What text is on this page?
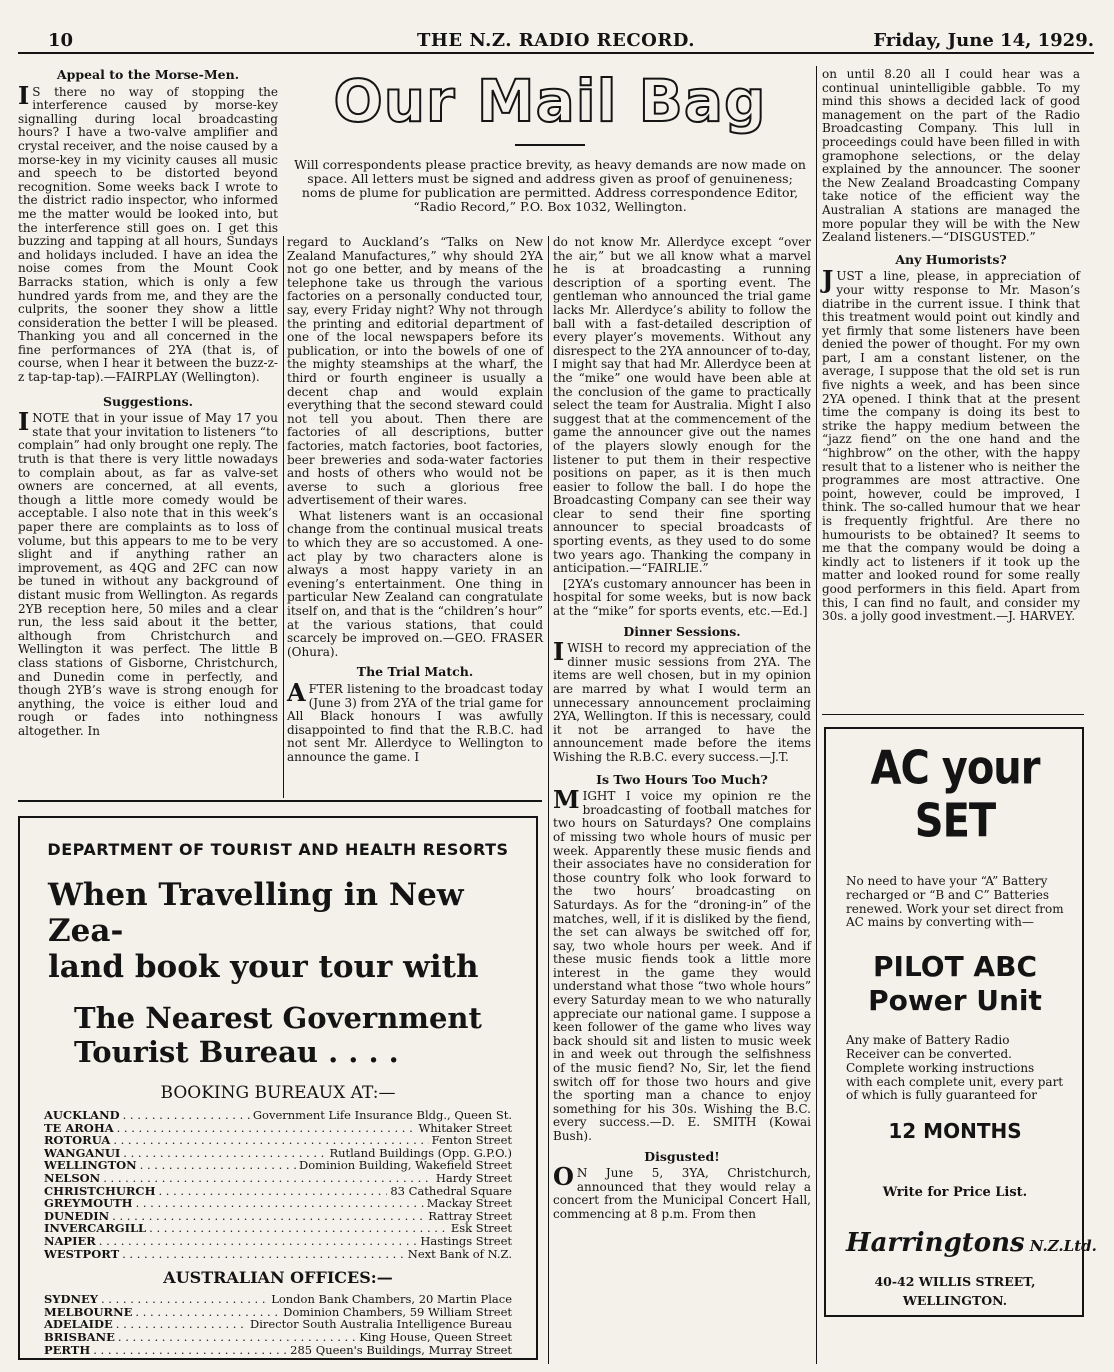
10	THE N.Z. RADIO RECORD.	Friday, June 14, 1929.
Appeal to the Morse-Men.

IS there no way of stopping the interference caused by morse-key signalling during local broadcasting hours? I have a two-valve amplifier and crystal receiver, and the noise caused by a morse-key in my vicinity causes all music and speech to be distorted beyond recognition. Some weeks back I wrote to the district radio inspector, who informed me the matter would be looked into, but the interference still goes on. I get this buzzing and tapping at all hours, Sundays and holidays included. I have an idea the noise comes from the Mount Cook Barracks station, which is only a few hundred yards from me, and they are the culprits, the sooner they show a little consideration the better I will be pleased. Thanking you and all concerned in the fine performances of 2YA (that is, of course, when I hear it between the buzz-z-z tap-tap-tap).—FAIRPLAY (Wellington).

Suggestions.

INOTE that in your issue of May 17 you state that your invitation to listeners “to complain” had only brought one reply. The truth is that there is very little nowadays to complain about, as far as valve-set owners are concerned, at all events, though a little more comedy would be acceptable. I also note that in this week’s paper there are complaints as to loss of volume, but this appears to me to be very slight and if anything rather an improvement, as 4QG and 2FC can now be tuned in without any background of distant music from Wellington. As regards 2YB reception here, 50 miles and a clear run, the less said about it the better, although from Christchurch and Wellington it was perfect. The little B class stations of Gisborne, Christchurch, and Dunedin come in perfectly, and though 2YB’s wave is strong enough for anything, the voice is either loud and rough or fades into nothingness altogether. In

Our Mail Bag
Will correspondents please practice brevity, as heavy demands are now made on space. All letters must be signed and address given as proof of genuineness; noms de plume for publication are permitted. Address correspondence Editor, “Radio Record,” P.O. Box 1032, Wellington.

regard to Auckland’s “Talks on New Zealand Manufactures,” why should 2YA not go one better, and by means of the telephone take us through the various factories on a personally conducted tour, say, every Friday night? Why not through the printing and editorial department of one of the local newspapers before its publication, or into the bowels of one of the mighty steamships at the wharf, the third or fourth engineer is usually a decent chap and would explain everything that the second steward could not tell you about. Then there are factories of all descriptions, butter factories, match factories, boot factories, beer breweries and soda-water factories and hosts of others who would not be averse to such a glorious free advertisement of their wares.

What listeners want is an occasional change from the continual musical treats to which they are so accustomed. A one-act play by two characters alone is always a most happy variety in an evening’s entertainment. One thing in particular New Zealand can congratulate itself on, and that is the “children’s hour” at the various stations, that could scarcely be improved on.—GEO. FRASER (Ohura).

The Trial Match.

AFTER listening to the broadcast today (June 3) from 2YA of the trial game for All Black honours I was awfully disappointed to find that the R.B.C. had not sent Mr. Allerdyce to Wellington to announce the game. I

do not know Mr. Allerdyce except “over the air,” but we all know what a marvel he is at broadcasting a running description of a sporting event. The gentleman who announced the trial game lacks Mr. Allerdyce’s ability to follow the ball with a fast-detailed description of every player’s movements. Without any disrespect to the 2YA announcer of to-day, I might say that had Mr. Allerdyce been at the “mike” one would have been able at the conclusion of the game to practically select the team for Australia. Might I also suggest that at the commencement of the game the announcer give out the names of the players slowly enough for the listener to put them in their respective positions on paper, as it is then much easier to follow the ball. I do hope the Broadcasting Company can see their way clear to send their fine sporting announcer to special broadcasts of sporting events, as they used to do some two years ago. Thanking the company in anticipation.—“FAIRLIE.”

[2YA’s customary announcer has been in hospital for some weeks, but is now back at the “mike” for sports events, etc.—Ed.]

Dinner Sessions.

IWISH to record my appreciation of the dinner music sessions from 2YA. The items are well chosen, but in my opinion are marred by what I would term an unnecessary announcement proclaiming 2YA, Wellington. If this is necessary, could it not be arranged to have the announcement made before the items Wishing the R.B.C. every success.—J.T.

Is Two Hours Too Much?

MIGHT I voice my opinion re the broadcasting of football matches for two hours on Saturdays? One complains of missing two whole hours of music per week. Apparently these music fiends and their associates have no consideration for those country folk who look forward to the two hours’ broadcasting on Saturdays. As for the “droning-in” of the matches, well, if it is disliked by the fiend, the set can always be switched off for, say, two whole hours per week. And if these music fiends took a little more interest in the game they would understand what those “two whole hours” every Saturday mean to we who naturally appreciate our national game. I suppose a keen follower of the game who lives way back should sit and listen to music week in and week out through the selfishness of the music fiend? No, Sir, let the fiend switch off for those two hours and give the sporting man a chance to enjoy something for his 30s. Wishing the B.C. every success.—D. E. SMITH (Kowai Bush).

Disgusted!

ON June 5, 3YA, Christchurch, announced that they would relay a concert from the Municipal Concert Hall, commencing at 8 p.m. From then

on until 8.20 all I could hear was a continual unintelligible gabble. To my mind this shows a decided lack of good management on the part of the Radio Broadcasting Company. This lull in proceedings could have been filled in with gramophone selections, or the delay explained by the announcer. The sooner the New Zealand Broadcasting Company take notice of the efficient way the Australian A stations are managed the more popular they will be with the New Zealand listeners.—“DISGUSTED.”

Any Humorists?

JUST a line, please, in appreciation of your witty response to Mr. Mason’s diatribe in the current issue. I think that this treatment would point out kindly and yet firmly that some listeners have been denied the power of thought. For my own part, I am a constant listener, on the average, I suppose that the old set is run five nights a week, and has been since 2YA opened. I think that at the present time the company is doing its best to strike the happy medium between the “jazz fiend” on the one hand and the “highbrow” on the other, with the happy result that to a listener who is neither the programmes are most attractive. One point, however, could be improved, I think. The so-called humour that we hear is frequently frightful. Are there no humourists to be obtained? It seems to me that the company would be doing a kindly act to listeners if it took up the matter and looked round for some really good performers in this field. Apart from this, I can find no fault, and consider my 30s. a jolly good investment.—J. HARVEY.

DEPARTMENT OF TOURIST AND HEALTH RESORTS
When Travelling in New Zea-
land book your tour with
The Nearest Government
Tourist Bureau . . . .
BOOKING BUREAUX AT:—
AUCKLAND . . .	Government Life Insurance Bldg., Queen St.
TE AROHA . . .	Whitaker Street
ROTORUA . . .	Fenton Street
WANGANUI . . .	Rutland Buildings (Opp. G.P.O.)
WELLINGTON . . .	Dominion Building, Wakefield Street
NELSON . . .	Hardy Street
CHRISTCHURCH . . .	83 Cathedral Square
GREYMOUTH . . .	Mackay Street
DUNEDIN . . .	Rattray Street
INVERCARGILL . . .	Esk Street
NAPIER . . .	Hastings Street
WESTPORT . . .	Next Bank of N.Z.
AUSTRALIAN OFFICES:—
SYDNEY . . .	London Bank Chambers, 20 Martin Place
MELBOURNE . . .	Dominion Chambers, 59 William Street
ADELAIDE . . .	Director South Australia Intelligence Bureau
BRISBANE . . .	King House, Queen Street
PERTH . . .	285 Queen's Buildings, Murray Street
AC your SET
No need to have your “A” Battery recharged or “B and C” Batteries renewed. Work your set direct from AC mains by converting with—
PILOT ABC
Power Unit
Any make of Battery Radio Receiver can be converted. Complete working instructions with each complete unit, every part of which is fully guaranteed for
12 MONTHS
Write for Price List.
Harringtons N.Z.Ltd.
40-42 WILLIS STREET,
WELLINGTON.
